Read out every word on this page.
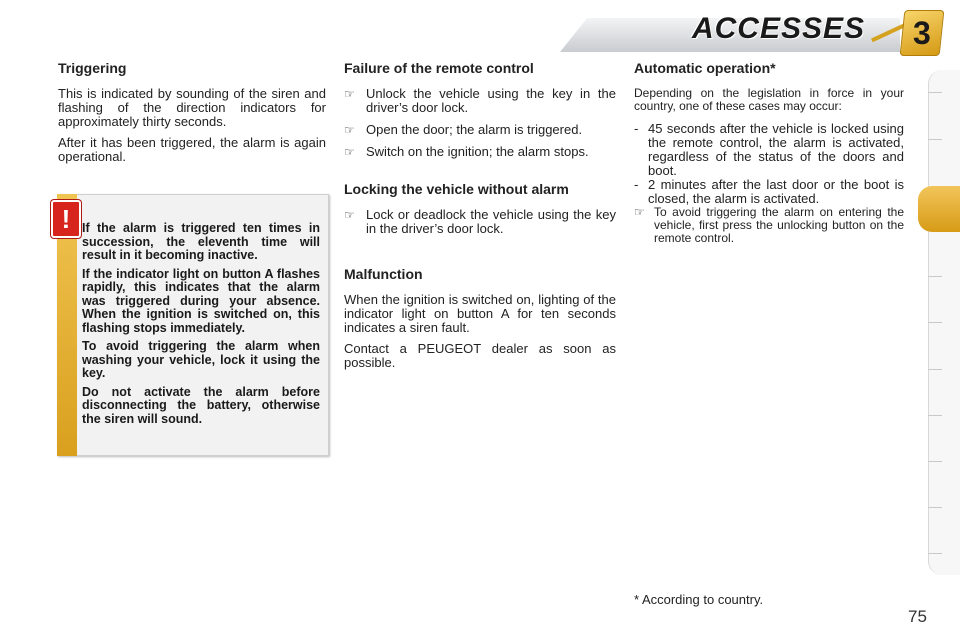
ACCESSES 3
Triggering

This is indicated by sounding of the siren and flashing of the direction indicators for approximately thirty seconds.

After it has been triggered, the alarm is again operational.

! If the alarm is triggered ten times in succession, the eleventh time will result in it becoming inactive.

If the indicator light on button A flashes rapidly, this indicates that the alarm was triggered during your absence. When the ignition is switched on, this flashing stops immediately.

To avoid triggering the alarm when washing your vehicle, lock it using the key.

Do not activate the alarm before disconnecting the battery, otherwise the siren will sound.

Failure of the remote control
☞ Unlock the vehicle using the key in the driver’s door lock.
☞ Open the door; the alarm is triggered.
☞ Switch on the ignition; the alarm stops.
Locking the vehicle without alarm
☞ Lock or deadlock the vehicle using the key in the driver’s door lock.
Malfunction

When the ignition is switched on, lighting of the indicator light on button A for ten seconds indicates a siren fault.

Contact a PEUGEOT dealer as soon as possible.

Automatic operation*

Depending on the legislation in force in your country, one of these cases may occur:

- 45 seconds after the vehicle is locked using the remote control, the alarm is activated, regardless of the status of the doors and boot.
- 2 minutes after the last door or the boot is closed, the alarm is activated.
☞ To avoid triggering the alarm on entering the vehicle, first press the unlocking button on the remote control.
* According to country.
75
